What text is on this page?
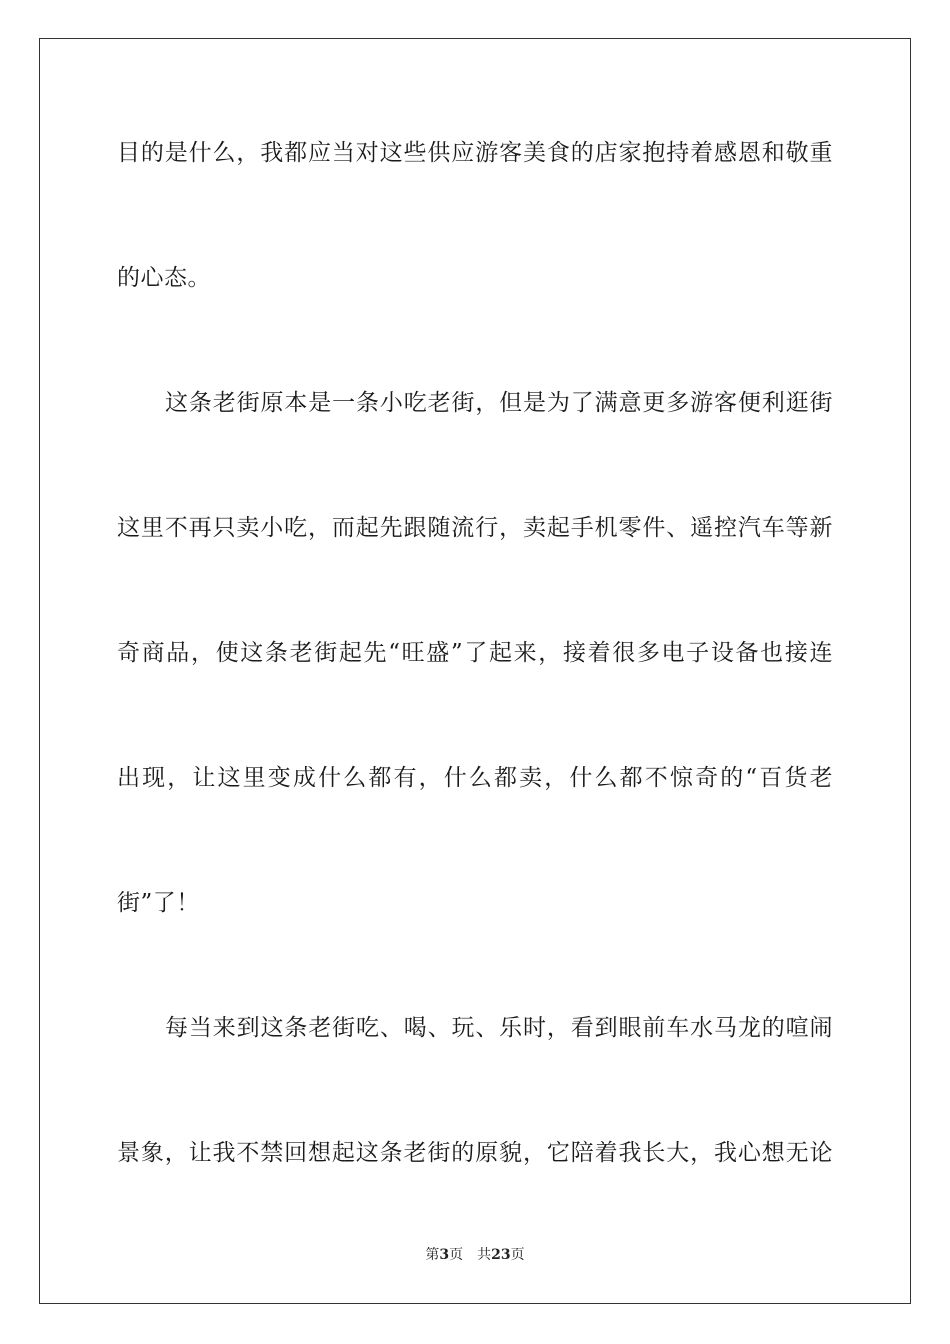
目的是什么，我都应当对这些供应游客美食的店家抱持着感恩和敬重
的心态。
这条老街原本是一条小吃老街，但是为了满意更多游客便利逛街
这里不再只卖小吃，而起先跟随流行，卖起手机零件、遥控汽车等新
奇商品，使这条老街起先“旺盛”了起来，接着很多电子设备也接连
出现，让这里变成什么都有，什么都卖，什么都不惊奇的“百货老
街”了！
每当来到这条老街吃、喝、玩、乐时，看到眼前车水马龙的喧闹
景象，让我不禁回想起这条老街的原貌，它陪着我长大，我心想无论
第3页 共23页
